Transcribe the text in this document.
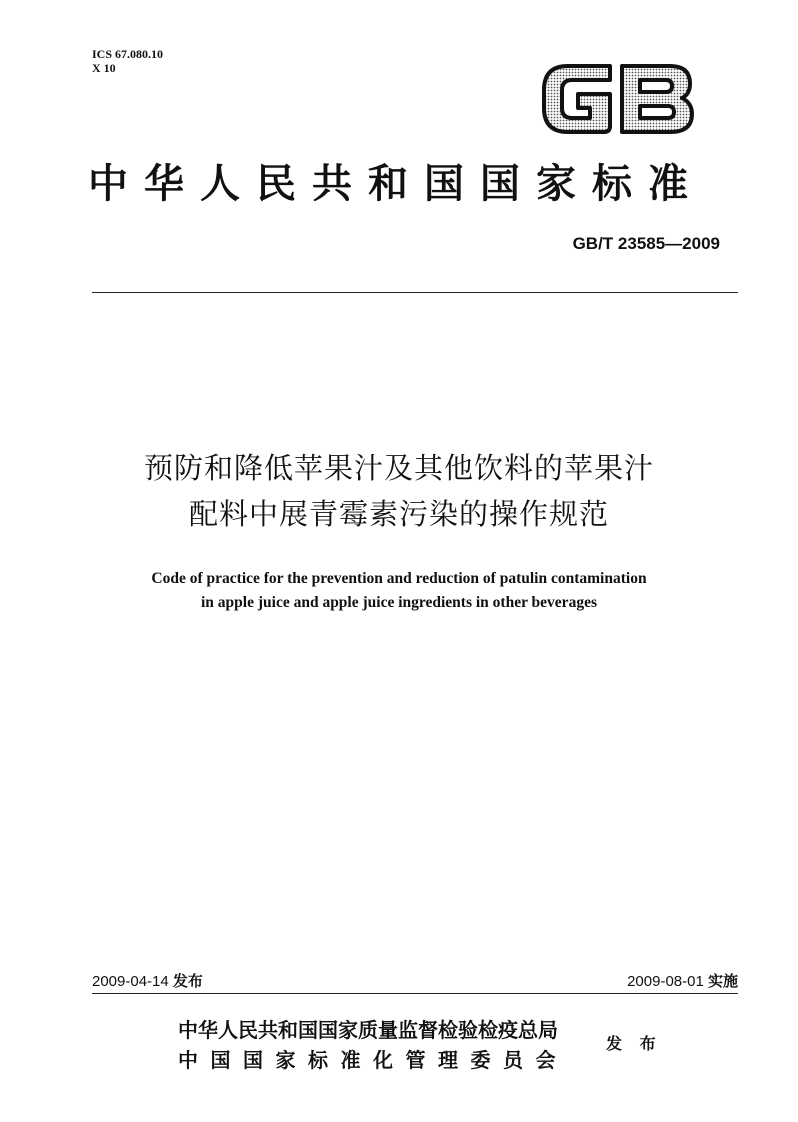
ICS 67.080.10
X 10
中华人民共和国国家标准
GB/T 23585—2009
预防和降低苹果汁及其他饮料的苹果汁
配料中展青霉素污染的操作规范
Code of practice for the prevention and reduction of patulin contamination
in apple juice and apple juice ingredients in other beverages
2009-04-14 发布	2009-08-01 实施
中华人民共和国国家质量监督检验检疫总局
中国国家标准化管理委员会
发 布
